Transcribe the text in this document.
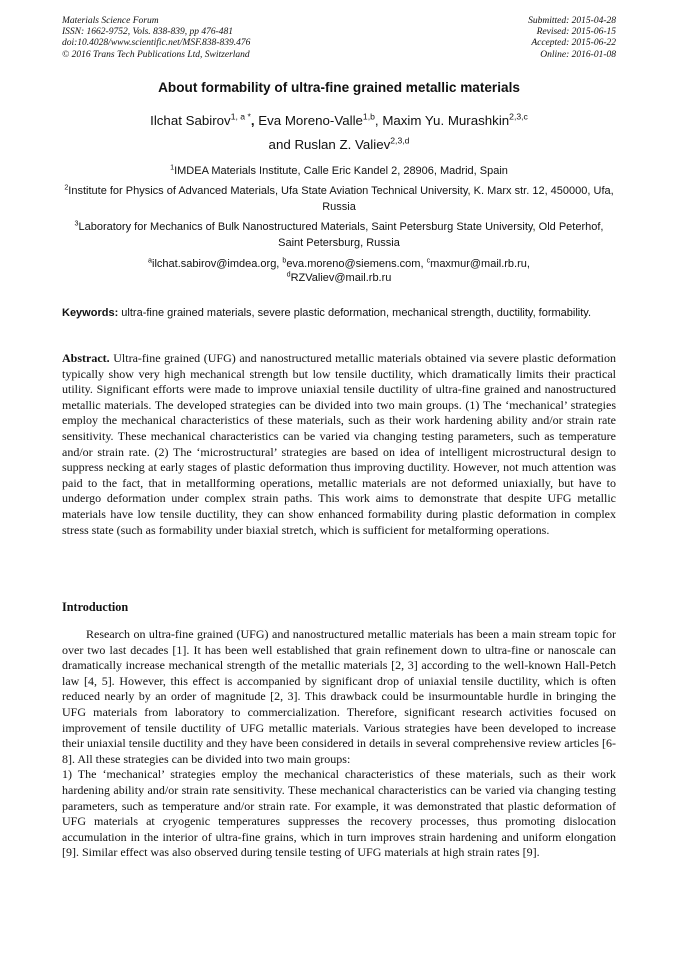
Materials Science Forum
ISSN: 1662-9752, Vols. 838-839, pp 476-481
doi:10.4028/www.scientific.net/MSF.838-839.476
© 2016 Trans Tech Publications Ltd, Switzerland
Submitted: 2015-04-28
Revised: 2015-06-15
Accepted: 2015-06-22
Online: 2016-01-08
About formability of ultra-fine grained metallic materials
Ilchat Sabirov$^{1, a *}$, Eva Moreno-Valle$^{1,b}$, Maxim Yu. Murashkin$^{2,3,c}$
and Ruslan Z. Valiev$^{2,3,d}$
$^1$IMDEA Materials Institute, Calle Eric Kandel 2, 28906, Madrid, Spain
$^2$Institute for Physics of Advanced Materials, Ufa State Aviation Technical University, K. Marx str. 12, 450000, Ufa, Russia
$^3$Laboratory for Mechanics of Bulk Nanostructured Materials, Saint Petersburg State University, Old Peterhof, Saint Petersburg, Russia
$^a$ilchat.sabirov@imdea.org, $^b$eva.moreno@siemens.com, $^c$maxmur@mail.rb.ru,
$^d$RZValiev@mail.rb.ru
Keywords: ultra-fine grained materials, severe plastic deformation, mechanical strength, ductility, formability.

Abstract. Ultra-fine grained (UFG) and nanostructured metallic materials obtained via severe plastic deformation typically show very high mechanical strength but low tensile ductility, which dramatically limits their practical utility. Significant efforts were made to improve uniaxial tensile ductility of ultra-fine grained and nanostructured metallic materials. The developed strategies can be divided into two main groups. (1) The ‘mechanical’ strategies employ the mechanical characteristics of these materials, such as their work hardening ability and/or strain rate sensitivity. These mechanical characteristics can be varied via changing testing parameters, such as temperature and/or strain rate. (2) The ‘microstructural’ strategies are based on idea of intelligent microstructural design to suppress necking at early stages of plastic deformation thus improving ductility. However, not much attention was paid to the fact, that in metallforming operations, metallic materials are not deformed uniaxially, but have to undergo deformation under complex strain paths. This work aims to demonstrate that despite UFG metallic materials have low tensile ductility, they can show enhanced formability during plastic deformation in complex stress state (such as formability under biaxial stretch, which is sufficient for metalforming operations.

Introduction

Research on ultra-fine grained (UFG) and nanostructured metallic materials has been a main stream topic for over two last decades [1]. It has been well established that grain refinement down to ultra-fine or nanoscale can dramatically increase mechanical strength of the metallic materials [2, 3] according to the well-known Hall-Petch law [4, 5]. However, this effect is accompanied by significant drop of uniaxial tensile ductility, which is often reduced nearly by an order of magnitude [2, 3]. This drawback could be insurmountable hurdle in bringing the UFG materials from laboratory to commercialization. Therefore, significant research activities focused on improvement of tensile ductility of UFG metallic materials. Various strategies have been developed to increase their uniaxial tensile ductility and they have been considered in details in several comprehensive review articles [6-8]. All these strategies can be divided into two main groups:

1) The ‘mechanical’ strategies employ the mechanical characteristics of these materials, such as their work hardening ability and/or strain rate sensitivity. These mechanical characteristics can be varied via changing testing parameters, such as temperature and/or strain rate. For example, it was demonstrated that plastic deformation of UFG materials at cryogenic temperatures suppresses the recovery processes, thus promoting dislocation accumulation in the interior of ultra-fine grains, which in turn improves strain hardening and uniform elongation [9]. Similar effect was also observed during tensile testing of UFG materials at high strain rates [9].
